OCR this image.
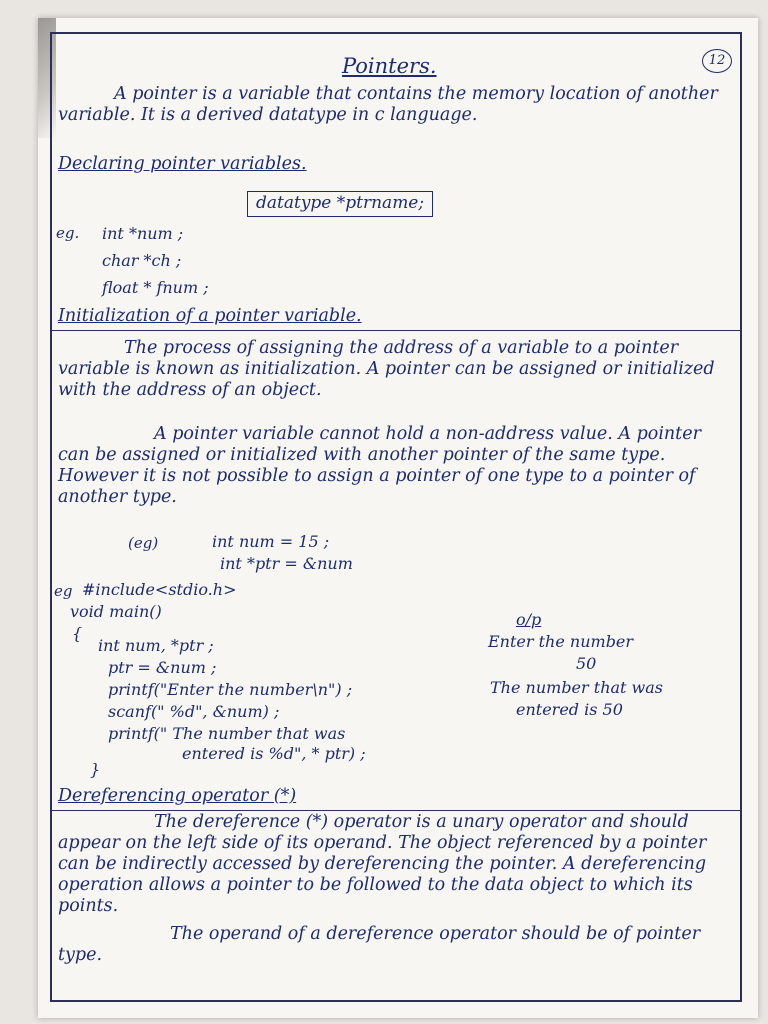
12
Pointers.
A pointer is a variable that contains the memory location of another variable. It is a derived datatype in c language.
Declaring pointer variables.
datatype *ptrname;
eg. int *num ;
char *ch ;
float * fnum ;
Initialization of a pointer variable.
The process of assigning the address of a variable to a pointer variable is known as initialization. A pointer can be assigned or initialized with the address of an object.
A pointer variable cannot hold a non-address value. A pointer can be assigned or initialized with another pointer of the same type. However it is not possible to assign a pointer of one type to a pointer of another type.
(eg)	int num = 15 ;
int *ptr = &num
eg #include<stdio.h>
void main()
{
int num, *ptr ;
ptr = &num ;
printf("Enter the number\n") ;
scanf(" %d", &num) ;
printf(" The number that was
entered is %d", * ptr) ;
}
o/p
Enter the number
50
The number that was
entered is 50
Dereferencing operator (*)
The dereference (*) operator is a unary operator and should appear on the left side of its operand. The object referenced by a pointer can be indirectly accessed by dereferencing the pointer. A dereferencing operation allows a pointer to be followed to the data object to which its points.
The operand of a dereference operator should be of pointer type.
